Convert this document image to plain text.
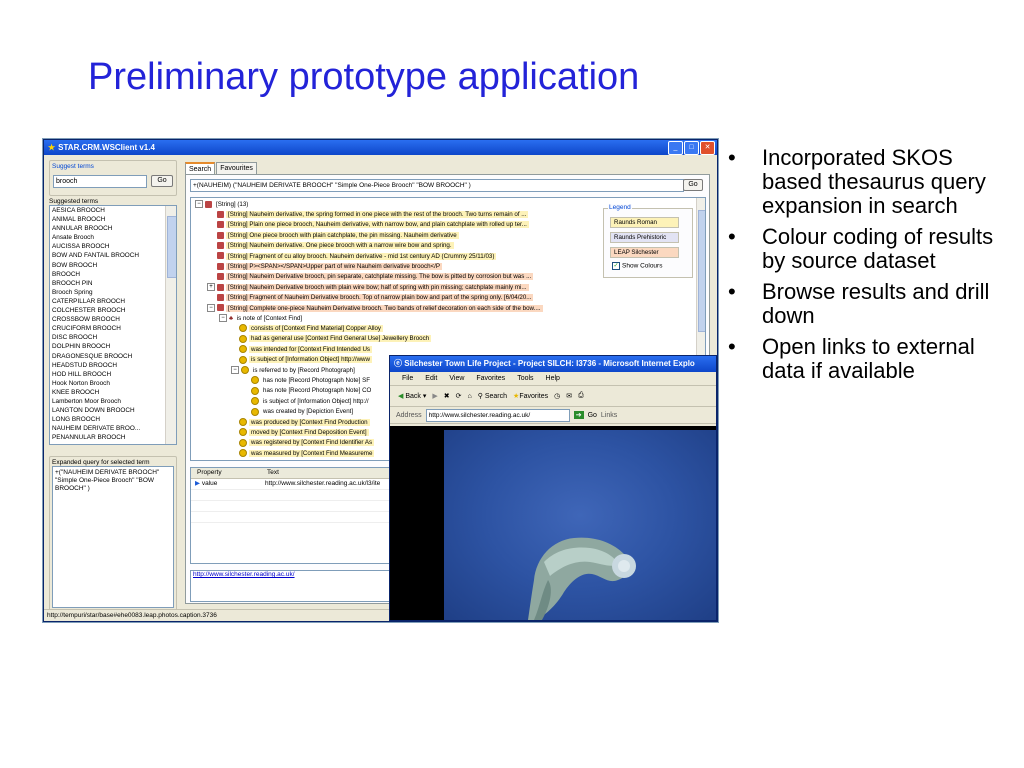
Preliminary prototype application
• Incorporated SKOS based thesaurus query expansion in search
• Colour coding of results by source dataset
• Browse results and drill down
• Open links to external data if available
★ STAR.CRM.WSClient v1.4	_	□	✕
Suggest terms
brooch	Go
Suggested terms
AESICA BROOCH
ANIMAL BROOCH
ANNULAR BROOCH
Ansate Brooch
AUCISSA BROOCH
BOW AND FANTAIL BROOCH
BOW BROOCH
BROOCH
BROOCH PIN
Brooch Spring
CATERPILLAR BROOCH
COLCHESTER BROOCH
CROSSBOW BROOCH
CRUCIFORM BROOCH
DISC BROOCH
DOLPHIN BROOCH
DRAGONESQUE BROOCH
HEADSTUD BROOCH
HOD HILL BROOCH
Hook Norton Brooch
KNEE BROOCH
Lamberton Moor Brooch
LANGTON DOWN BROOCH
LONG BROOCH
NAUHEIM DERIVATE BROO...
PENANNULAR BROOCH
Expanded query for selected term
+("NAUHEIM DERIVATE BROOCH" "Simple One-Piece Brooch" "BOW BROOCH" )
Search	Favourites
+(NAUHEIM) ("NAUHEIM DERIVATE BROOCH" "Simple One-Piece Brooch" "BOW BROOCH" )	Go
Legend
Raunds Roman
Raunds Prehistoric
LEAP Silchester
✓ Show Colours
− [String] (13)
[String] Nauheim derivative, the spring formed in one piece with the rest of the brooch. Two turns remain of ...
[String] Plain one piece brooch, Nauheim derivative, with narrow bow, and plain catchplate with rolled up ter...
[String] One piece brooch with plain catchplate, the pin missing. Nauheim derivative
[String] Nauheim derivative. One piece brooch with a narrow wire bow and spring.
[String] Fragment of cu alloy brooch. Nauheim derivative - mid 1st century AD (Crummy 25/11/03)
[String] P><SPAN></SPAN>Upper part of wire Nauheim derivative brooch</P
[String] Nauheim Derivative brooch, pin separate, catchplate missing. The bow is pitted by corrosion but was ...
+ [String] Nauheim Derivative brooch with plain wire bow; half of spring with pin missing; catchplate mainly mi...
[String] Fragment of Nauheim Derivative brooch. Top of narrow plain bow and part of the spring only. [6/04/20...
− [String] Complete one-piece Nauheim Derivative brooch. Two bands of relief decoration on each side of the bow....
− ♣ is note of [Context Find]
consists of [Context Find Material] Copper Alloy
had as general use [Context Find General Use] Jewellery Brooch
was intended for [Context Find Intended Us
is subject of [Information Object] http://www
−	is referred to by [Record Photograph]
has note [Record Photograph Note] SF
has note [Record Photograph Note] CO
is subject of [Information Object] http://
was created by [Depiction Event]
was produced by [Context Find Production
moved by [Context Find Deposition Event]
was registered by [Context Find Identifier As
was measured by [Context Find Measureme
Property	Text
▶ value	http://www.silchester.reading.ac.uk/l3/ite
http://www.silchester.reading.ac.uk/
http://tempuri/star/base#ehe0083.leap.photos.caption.3736
ⓔ Silchester Town Life Project - Project SILCH: I3736 - Microsoft Internet Explo
File Edit View Favorites Tools Help
◀ Back ▾ ▶ ✖ ⟳ ⌂ ⚲ Search ★Favorites ◷ ✉ ⎙
Address	http://www.silchester.reading.ac.uk/	➔ Go Links
